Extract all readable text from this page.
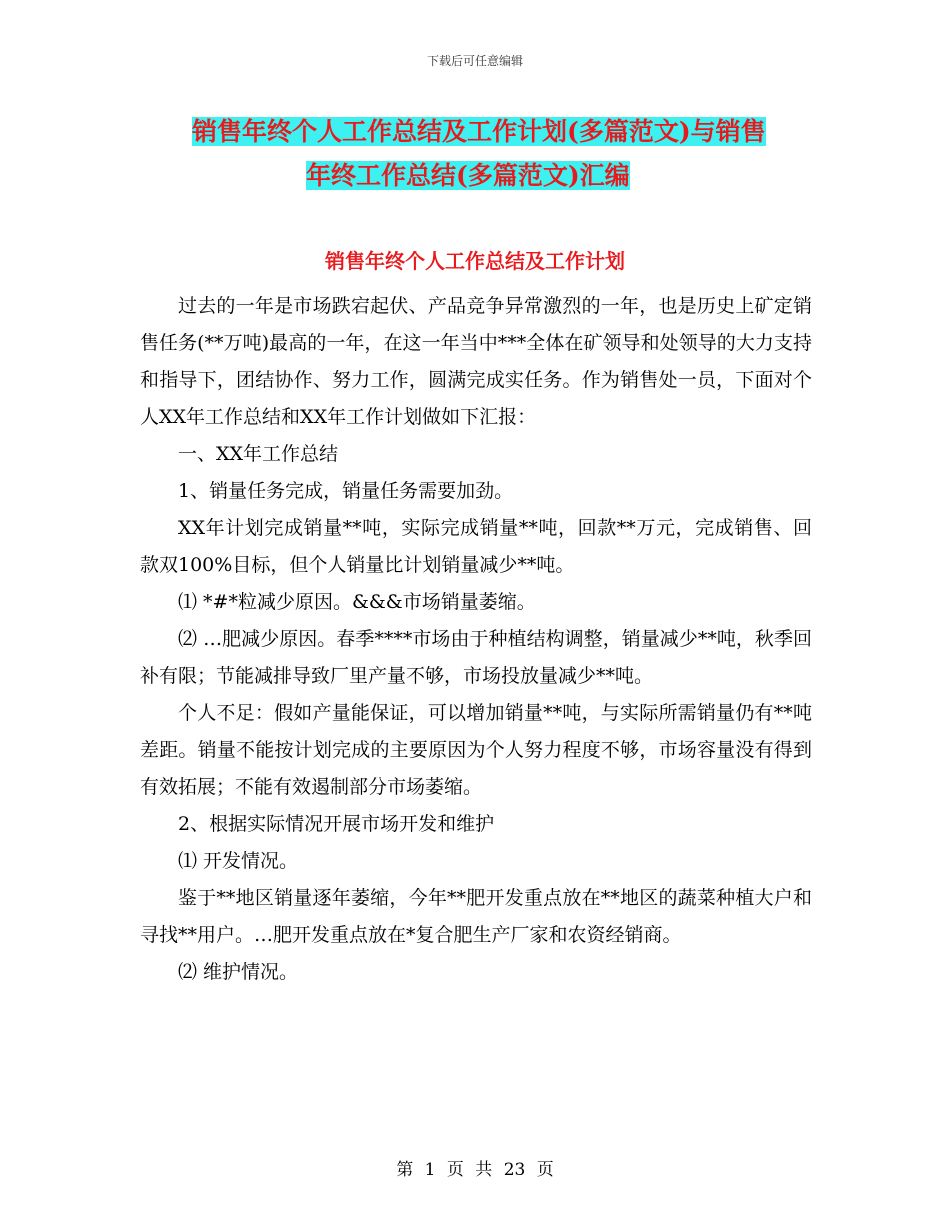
下载后可任意编辑
销售年终个人工作总结及工作计划(多篇范文)与销售
年终工作总结(多篇范文)汇编
销售年终个人工作总结及工作计划

过去的一年是市场跌宕起伏、产品竞争异常激烈的一年，也是历史上矿定销售任务(**万吨)最高的一年，在这一年当中***全体在矿领导和处领导的大力支持和指导下，团结协作、努力工作，圆满完成实任务。作为销售处一员，下面对个人XX年工作总结和XX年工作计划做如下汇报：

一、XX年工作总结

1、销量任务完成，销量任务需要加劲。

XX年计划完成销量**吨，实际完成销量**吨，回款**万元，完成销售、回款双100%目标，但个人销量比计划销量减少**吨。

⑴ *#*粒减少原因。&&&市场销量萎缩。

⑵ …肥减少原因。春季****市场由于种植结构调整，销量减少**吨，秋季回补有限；节能减排导致厂里产量不够，市场投放量减少**吨。

个人不足：假如产量能保证，可以增加销量**吨，与实际所需销量仍有**吨差距。销量不能按计划完成的主要原因为个人努力程度不够，市场容量没有得到有效拓展；不能有效遏制部分市场萎缩。

2、根据实际情况开展市场开发和维护

⑴ 开发情况。

鉴于**地区销量逐年萎缩，今年**肥开发重点放在**地区的蔬菜种植大户和寻找**用户。…肥开发重点放在*复合肥生产厂家和农资经销商。

⑵ 维护情况。

第 1 页 共 23 页
